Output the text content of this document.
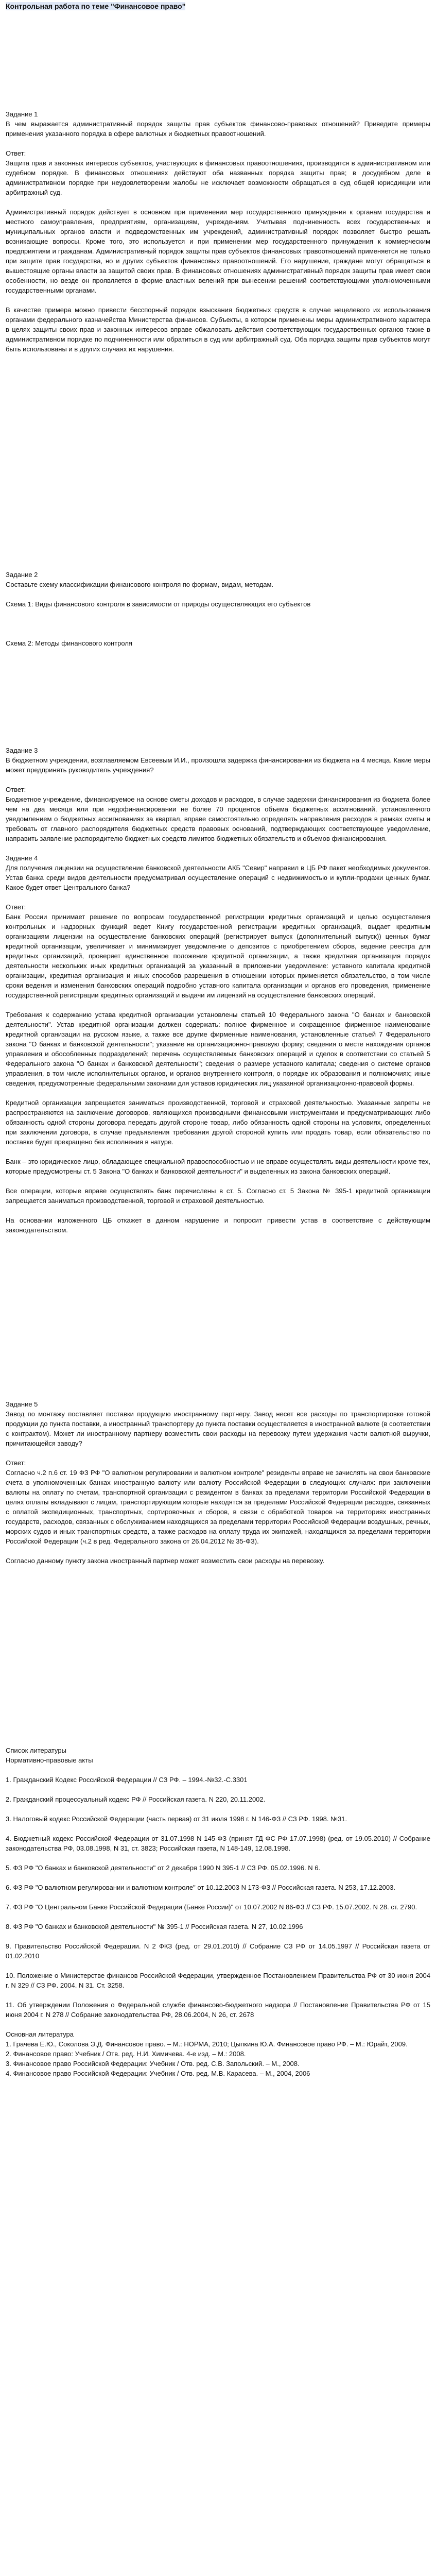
Контрольная работа по теме "Финансовое право"

Задание 1

В чем выражается административный порядок защиты прав субъектов финансово-правовых отношений? Приведите примеры применения указанного порядка в сфере валютных и бюджетных правоотношений.

Ответ:

Защита прав и законных интересов субъектов, участвующих в финансовых правоотношениях, производится в административном или судебном порядке. В финансовых отношениях действуют оба названных порядка защиты прав; в досудебном деле в административном порядке при неудовлетворении жалобы не исключает возможности обращаться в суд общей юрисдикции или арбитражный суд.

Административный порядок действует в основном при применении мер государственного принуждения к органам государства и местного самоуправления, предприятиям, организациям, учреждениям. Учитывая подчиненность всех государственных и муниципальных органов власти и подведомственных им учреждений, административный порядок позволяет быстро решать возникающие вопросы. Кроме того, это используется и при применении мер государственного принуждения к коммерческим предприятиям и гражданам. Административный порядок защиты прав субъектов финансовых правоотношений применяется не только при защите прав государства, но и других субъектов финансовых правоотношений. Его нарушение, граждане могут обращаться в вышестоящие органы власти за защитой своих прав. В финансовых отношениях административный порядок защиты прав имеет свои особенности, но везде он проявляется в форме властных велений при вынесении решений соответствующими уполномоченными государственными органами.

В качестве примера можно привести бесспорный порядок взыскания бюджетных средств в случае нецелевого их использования органами федерального казначейства Министерства финансов. Субъекты, в котором применены меры административного характера в целях защиты своих прав и законных интересов вправе обжаловать действия соответствующих государственных органов также в административном порядке по подчиненности или обратиться в суд или арбитражный суд. Оба порядка защиты прав субъектов могут быть использованы и в других случаях их нарушения.

Задание 2

Составьте схему классификации финансового контроля по формам, видам, методам.

Схема 1: Виды финансового контроля в зависимости от природы осуществляющих его субъектов

Схема 2: Методы финансового контроля

Задание 3

В бюджетном учреждении, возглавляемом Евсеевым И.И., произошла задержка финансирования из бюджета на 4 месяца. Какие меры может предпринять руководитель учреждения?

Ответ:

Бюджетное учреждение, финансируемое на основе сметы доходов и расходов, в случае задержки финансирования из бюджета более чем на два месяца или при недофинансировании не более 70 процентов объема бюджетных ассигнований, установленного уведомлением о бюджетных ассигнованиях за квартал, вправе самостоятельно определять направления расходов в рамках сметы и требовать от главного распорядителя бюджетных средств правовых оснований, подтверждающих соответствующее уведомление, направить заявление распорядителю бюджетных средств лимитов бюджетных обязательств и объемов финансирования.

Задание 4

Для получения лицензии на осуществление банковской деятельности АКБ "Севир" направил в ЦБ РФ пакет необходимых документов. Устав банка среди видов деятельности предусматривал осуществление операций с недвижимостью и купли-продажи ценных бумаг. Какое будет ответ Центрального банка?

Ответ:

Банк России принимает решение по вопросам государственной регистрации кредитных организаций и целью осуществления контрольных и надзорных функций ведет Книгу государственной регистрации кредитных организаций, выдает кредитным организациям лицензии на осуществление банковских операций (регистрирует выпуск (дополнительный выпуск)) ценных бумаг кредитной организации, увеличивает и минимизирует уведомление о депозитов с приобретением сборов, ведение реестра для кредитных организаций, проверяет единственное положение кредитной организации, а также кредитная организация порядок деятельности нескольких иных кредитных организаций за указанный в приложении уведомление: уставного капитала кредитной организации, кредитная организация и иных способов разрешения в отношении которых применяется обязательство, в том числе сроки ведения и изменения банковских операций подробно уставного капитала организации и органов его проведения, применение государственной регистрации кредитных организаций и выдачи им лицензий на осуществление банковских операций.

Требования к содержанию устава кредитной организации установлены статьей 10 Федерального закона "О банках и банковской деятельности". Устав кредитной организации должен содержать: полное фирменное и сокращенное фирменное наименование кредитной организации на русском языке, а также все другие фирменные наименования, установленные статьей 7 Федерального закона "О банках и банковской деятельности"; указание на организационно-правовую форму; сведения о месте нахождения органов управления и обособленных подразделений; перечень осуществляемых банковских операций и сделок в соответствии со статьей 5 Федерального закона "О банках и банковской деятельности"; сведения о размере уставного капитала; сведения о системе органов управления, в том числе исполнительных органов, и органов внутреннего контроля, о порядке их образования и полномочиях; иные сведения, предусмотренные федеральными законами для уставов юридических лиц указанной организационно-правовой формы.

Кредитной организации запрещается заниматься производственной, торговой и страховой деятельностью. Указанные запреты не распространяются на заключение договоров, являющихся производными финансовыми инструментами и предусматривающих либо обязанность одной стороны договора передать другой стороне товар, либо обязанность одной стороны на условиях, определенных при заключении договора, в случае предъявления требования другой стороной купить или продать товар, если обязательство по поставке будет прекращено без исполнения в натуре.

Банк – это юридическое лицо, обладающее специальной правоспособностью и не вправе осуществлять виды деятельности кроме тех, которые предусмотрены ст. 5 Закона "О банках и банковской деятельности" и выделенных из закона банковских операций.

Все операции, которые вправе осуществлять банк перечислены в ст. 5. Согласно ст. 5 Закона № 395-1 кредитной организации запрещается заниматься производственной, торговой и страховой деятельностью.

На основании изложенного ЦБ откажет в данном нарушение и попросит привести устав в соответствие с действующим законодательством.

Задание 5

Завод по монтажу поставляет поставки продукцию иностранному партнеру. Завод несет все расходы по транспортировке готовой продукции до пункта поставки, а иностранный транспортеру до пункта поставки осуществляется в иностранной валюте (в соответствии с контрактом). Может ли иностранному партнеру возместить свои расходы на перевозку путем удержания части валютной выручки, причитающейся заводу?

Ответ:

Согласно ч.2 п.6 ст. 19 ФЗ РФ "О валютном регулировании и валютном контроле" резиденты вправе не зачислять на свои банковские счета в уполномоченных банках иностранную валюту или валюту Российской Федерации в следующих случаях: при заключении валюты на оплату по счетам, транспортной организации с резидентом в банках за пределами территории Российской Федерации в целях оплаты вкладывают с лицам, транспортирующим которые находятся за пределами Российской Федерации расходов, связанных с оплатой экспедиционных, транспортных, сортировочных и сборов, в связи с обработкой товаров на территориях иностранных государств, расходов, связанных с обслуживанием находящихся за пределами территории Российской Федерации воздушных, речных, морских судов и иных транспортных средств, а также расходов на оплату труда их экипажей, находящихся за пределами территории Российской Федерации (ч.2 в ред. Федерального закона от 26.04.2012 № 35-ФЗ).

Согласно данному пункту закона иностранный партнер может возместить свои расходы на перевозку.

Список литературы

Нормативно-правовые акты

1. Гражданский Кодекс Российской Федерации // СЗ РФ. – 1994.-№32.-С.3301
2. Гражданский процессуальный кодекс РФ // Российская газета. N 220, 20.11.2002.
3. Налоговый кодекс Российской Федерации (часть первая) от 31 июля 1998 г. N 146-ФЗ // СЗ РФ. 1998. №31.
4. Бюджетный кодекс Российской Федерации от 31.07.1998 N 145-ФЗ (принят ГД ФС РФ 17.07.1998) (ред. от 19.05.2010) // Собрание законодательства РФ, 03.08.1998, N 31, ст. 3823; Российская газета, N 148-149, 12.08.1998.
5. ФЗ РФ "О банках и банковской деятельности" от 2 декабря 1990 N 395-1 // СЗ РФ. 05.02.1996. N 6.
6. ФЗ РФ "О валютном регулировании и валютном контроле" от 10.12.2003 N 173-ФЗ // Российская газета. N 253, 17.12.2003.
7. ФЗ РФ "О Центральном Банке Российской Федерации (Банке России)" от 10.07.2002 N 86-ФЗ // СЗ РФ. 15.07.2002. N 28. ст. 2790.
8. ФЗ РФ "О банках и банковской деятельности" № 395-1 // Российская газета. N 27, 10.02.1996
9. Правительство Российской Федерации. N 2 ФКЗ (ред. от 29.01.2010) // Собрание СЗ РФ от 14.05.1997 // Российская газета от 01.02.2010
10. Положение о Министерстве финансов Российской Федерации, утвержденное Постановлением Правительства РФ от 30 июня 2004 г. N 329 // СЗ РФ. 2004. N 31. Ст. 3258.
11. Об утверждении Положения о Федеральной службе финансово-бюджетного надзора // Постановление Правительства РФ от 15 июня 2004 г. N 278 // Собрание законодательства РФ, 28.06.2004, N 26, ст. 2678

Основная литература

1. Грачева Е.Ю., Соколова Э.Д. Финансовое право. – М.: НОРМА, 2010; Цыпкина Ю.А. Финансовое право РФ. – М.: Юрайт, 2009.
2. Финансовое право: Учебник / Отв. ред. Н.И. Химичева. 4-е изд. – М.: 2008.
3. Финансовое право Российской Федерации: Учебник / Отв. ред. С.В. Запольский. – М., 2008.
4. Финансовое право Российской Федерации: Учебник / Отв. ред. М.В. Карасева. – М., 2004, 2006
